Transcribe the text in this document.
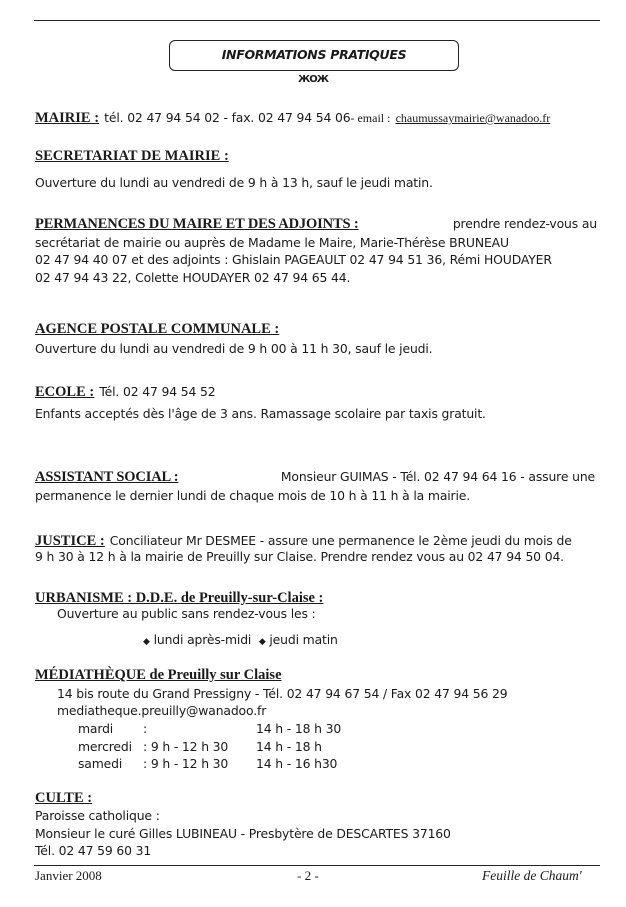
INFORMATIONS PRATIQUES
ЖОЖ
MAIRIE : tél. 02 47 94 54 02 - fax. 02 47 94 54 06- email : chaumussaymairie@wanadoo.fr
SECRETARIAT DE MAIRIE :
Ouverture du lundi au vendredi de 9 h à 13 h, sauf le jeudi matin.
PERMANENCES DU MAIRE ET DES ADJOINTS :	prendre rendez-vous au
secrétariat de mairie ou auprès de Madame le Maire, Marie-Thérèse BRUNEAU
02 47 94 40 07 et des adjoints : Ghislain PAGEAULT 02 47 94 51 36, Rémi HOUDAYER
02 47 94 43 22, Colette HOUDAYER 02 47 94 65 44.
AGENCE POSTALE COMMUNALE :
Ouverture du lundi au vendredi de 9 h 00 à 11 h 30, sauf le jeudi.
ECOLE : Tél. 02 47 94 54 52
Enfants acceptés dès l'âge de 3 ans. Ramassage scolaire par taxis gratuit.
ASSISTANT SOCIAL :	Monsieur GUIMAS - Tél. 02 47 94 64 16 - assure une
permanence le dernier lundi de chaque mois de 10 h à 11 h à la mairie.
JUSTICE : Conciliateur Mr DESMEE - assure une permanence le 2ème jeudi du mois de
9 h 30 à 12 h à la mairie de Preuilly sur Claise. Prendre rendez vous au 02 47 94 50 04.
URBANISME : D.D.E. de Preuilly-sur-Claise :
Ouverture au public sans rendez-vous les :
◆ lundi après-midi ◆ jeudi matin
MÉDIATHÈQUE de Preuilly sur Claise
14 bis route du Grand Pressigny - Tél. 02 47 94 67 54 / Fax 02 47 94 56 29
mediatheque.preuilly@wanadoo.fr
mardi :	14 h - 18 h 30
mercredi : 9 h - 12 h 30 14 h - 18 h
samedi : 9 h - 12 h 30 14 h - 16 h30
CULTE :
Paroisse catholique :
Monsieur le curé Gilles LUBINEAU - Presbytère de DESCARTES 37160
Tél. 02 47 59 60 31
Janvier 2008	- 2 -	Feuille de Chaum'
